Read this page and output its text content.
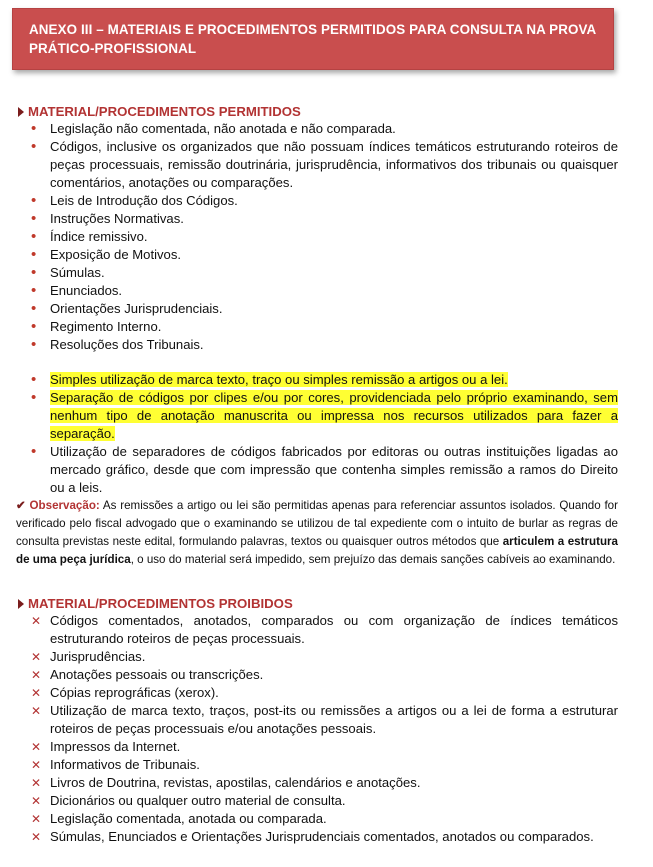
ANEXO III – MATERIAIS E PROCEDIMENTOS PERMITIDOS PARA CONSULTA NA PROVA
PRÁTICO-PROFISSIONAL
MATERIAL/PROCEDIMENTOS PERMITIDOS
•
Legislação não comentada, não anotada e não comparada.
•
Códigos, inclusive os organizados que não possuam índices temáticos estruturando roteiros de peças processuais, remissão doutrinária, jurisprudência, informativos dos tribunais ou quaisquer comentários, anotações ou comparações.
•
Leis de Introdução dos Códigos.
•
Instruções Normativas.
•
Índice remissivo.
•
Exposição de Motivos.
•
Súmulas.
•
Enunciados.
•
Orientações Jurisprudenciais.
•
Regimento Interno.
•
Resoluções dos Tribunais.
•
Simples utilização de marca texto, traço ou simples remissão a artigos ou a lei.
•
Separação de códigos por clipes e/ou por cores, providenciada pelo próprio examinando, sem nenhum tipo de anotação manuscrita ou impressa nos recursos utilizados para fazer a separação.
•
Utilização de separadores de códigos fabricados por editoras ou outras instituições ligadas ao mercado gráfico, desde que com impressão que contenha simples remissão a ramos do Direito ou a leis.
✔ Observação: As remissões a artigo ou lei são permitidas apenas para referenciar assuntos isolados. Quando for verificado pelo fiscal advogado que o examinando se utilizou de tal expediente com o intuito de burlar as regras de consulta previstas neste edital, formulando palavras, textos ou quaisquer outros métodos que articulem a estrutura de uma peça jurídica, o uso do material será impedido, sem prejuízo das demais sanções cabíveis ao examinando.
MATERIAL/PROCEDIMENTOS PROIBIDOS
✕
Códigos comentados, anotados, comparados ou com organização de índices temáticos estruturando roteiros de peças processuais.
✕
Jurisprudências.
✕
Anotações pessoais ou transcrições.
✕
Cópias reprográficas (xerox).
✕
Utilização de marca texto, traços, post-its ou remissões a artigos ou a lei de forma a estruturar roteiros de peças processuais e/ou anotações pessoais.
✕
Impressos da Internet.
✕
Informativos de Tribunais.
✕
Livros de Doutrina, revistas, apostilas, calendários e anotações.
✕
Dicionários ou qualquer outro material de consulta.
✕
Legislação comentada, anotada ou comparada.
✕
Súmulas, Enunciados e Orientações Jurisprudenciais comentados, anotados ou comparados.
